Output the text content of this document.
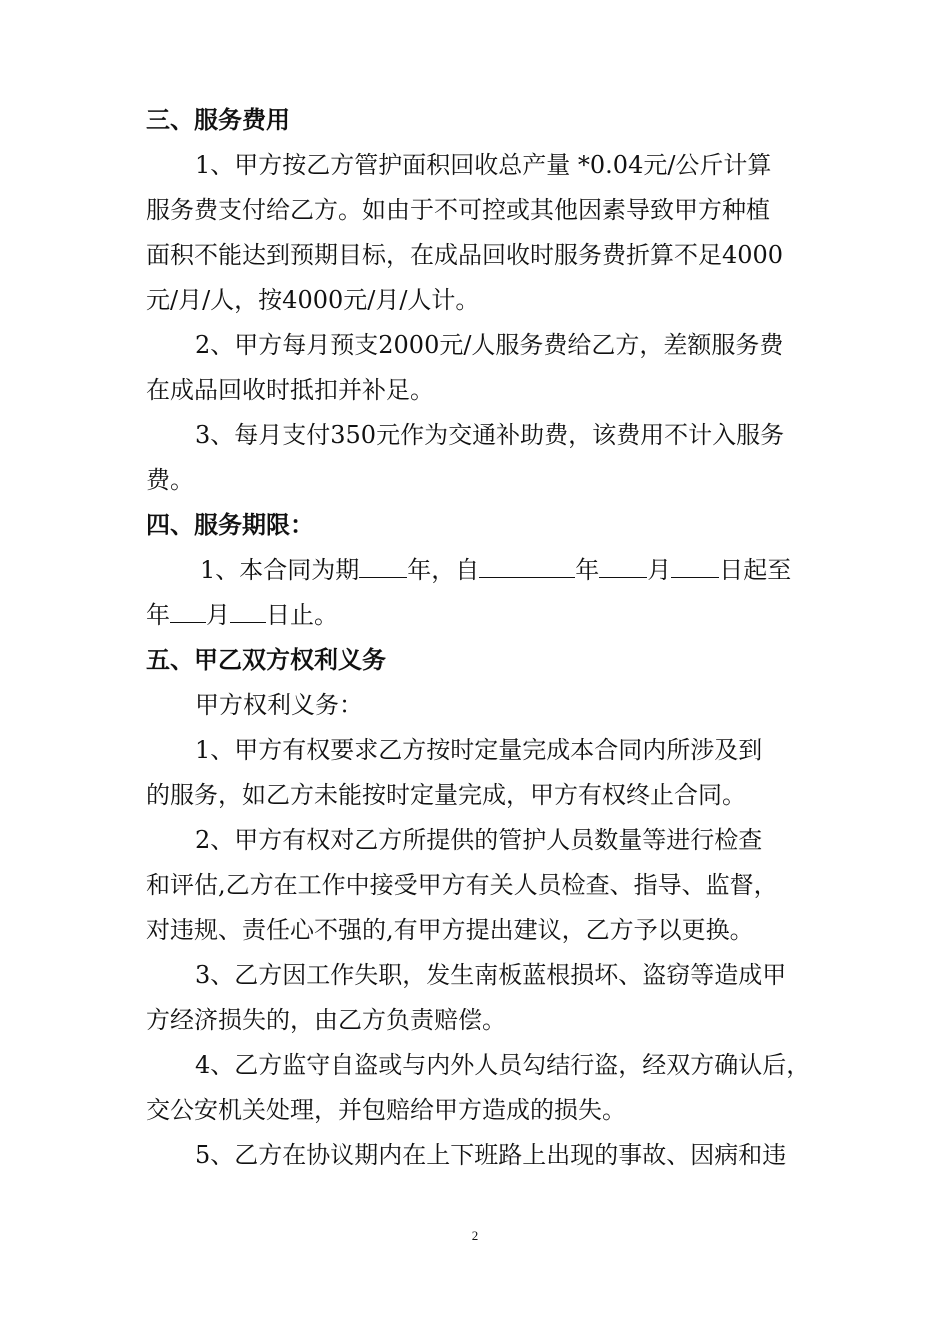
三、服务费用
1、甲方按乙方管护面积回收总产量 *0.04元/公斤计算
服务费支付给乙方。如由于不可控或其他因素导致甲方种植
面积不能达到预期目标，在成品回收时服务费折算不足4000
元/月/人，按4000元/月/人计。
2、甲方每月预支2000元/人服务费给乙方，差额服务费
在成品回收时抵扣并补足。
3、每月支付350元作为交通补助费，该费用不计入服务
费。
四、服务期限：
1、本合同为期 年，自	年 月 日起至
年 月 日止。
五、甲乙双方权利义务
甲方权利义务：
1、甲方有权要求乙方按时定量完成本合同内所涉及到
的服务，如乙方未能按时定量完成，甲方有权终止合同。
2、甲方有权对乙方所提供的管护人员数量等进行检查
和评估,乙方在工作中接受甲方有关人员检查、指导、监督，
对违规、责任心不强的,有甲方提出建议，乙方予以更换。
3、乙方因工作失职，发生南板蓝根损坏、盗窃等造成甲
方经济损失的，由乙方负责赔偿。
4、乙方监守自盗或与内外人员勾结行盗，经双方确认后，
交公安机关处理，并包赔给甲方造成的损失。
5、乙方在协议期内在上下班路上出现的事故、因病和违
2
